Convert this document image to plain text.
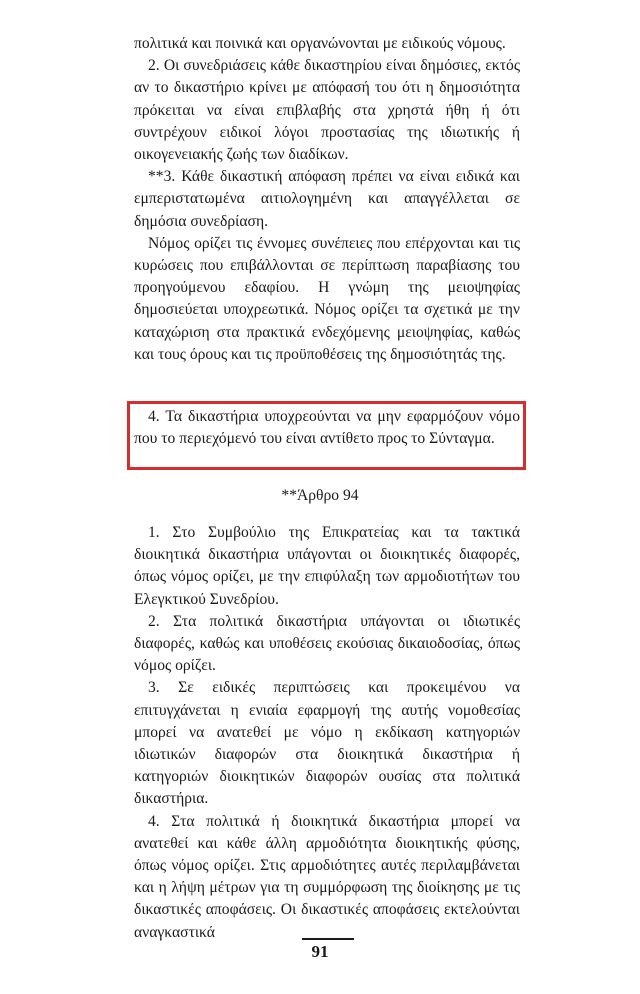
πολιτικά και ποινικά και οργανώνονται με ειδικούς νόμους.

2. Οι συνεδριάσεις κάθε δικαστηρίου είναι δημόσιες, εκτός αν το δικαστήριο κρίνει με απόφασή του ότι η δημοσιότητα πρόκειται να είναι επιβλαβής στα χρηστά ήθη ή ότι συντρέχουν ειδικοί λόγοι προστασίας της ιδιωτικής ή οικογενειακής ζωής των διαδίκων.

**3. Κάθε δικαστική απόφαση πρέπει να είναι ειδικά και εμπεριστατωμένα αιτιολογημένη και απαγγέλλεται σε δημόσια συνεδρίαση.

Νόμος ορίζει τις έννομες συνέπειες που επέρχονται και τις κυρώσεις που επιβάλλονται σε περίπτωση παραβίασης του προηγούμενου εδαφίου. Η γνώμη της μειοψηφίας δημοσιεύεται υποχρεωτικά. Νόμος ορίζει τα σχετικά με την καταχώριση στα πρακτικά ενδεχόμενης μειοψηφίας, καθώς και τους όρους και τις προϋποθέσεις της δημοσιότητάς της.

4. Τα δικαστήρια υποχρεούνται να μην εφαρμόζουν νόμο που το περιεχόμενό του είναι αντίθετο προς το Σύνταγμα.

**Άρθρο 94

1. Στο Συμβούλιο της Επικρατείας και τα τακτικά διοικητικά δικαστήρια υπάγονται οι διοικητικές διαφορές, όπως νόμος ορίζει, με την επιφύλαξη των αρμοδιοτήτων του Ελεγκτικού Συνεδρίου.

2. Στα πολιτικά δικαστήρια υπάγονται οι ιδιωτικές διαφορές, καθώς και υποθέσεις εκούσιας δικαιοδοσίας, όπως νόμος ορίζει.

3. Σε ειδικές περιπτώσεις και προκειμένου να επιτυγχάνεται η ενιαία εφαρμογή της αυτής νομοθεσίας μπορεί να ανατεθεί με νόμο η εκδίκαση κατηγοριών ιδιωτικών διαφορών στα διοικητικά δικαστήρια ή κατηγοριών διοικητικών διαφορών ουσίας στα πολιτικά δικαστήρια.

4. Στα πολιτικά ή διοικητικά δικαστήρια μπορεί να ανατεθεί και κάθε άλλη αρμοδιότητα διοικητικής φύσης, όπως νόμος ορίζει. Στις αρμοδιότητες αυτές περιλαμβάνεται και η λήψη μέτρων για τη συμμόρφωση της διοίκησης με τις δικαστικές αποφάσεις. Οι δικαστικές αποφάσεις εκτελούνται αναγκαστικά

91
